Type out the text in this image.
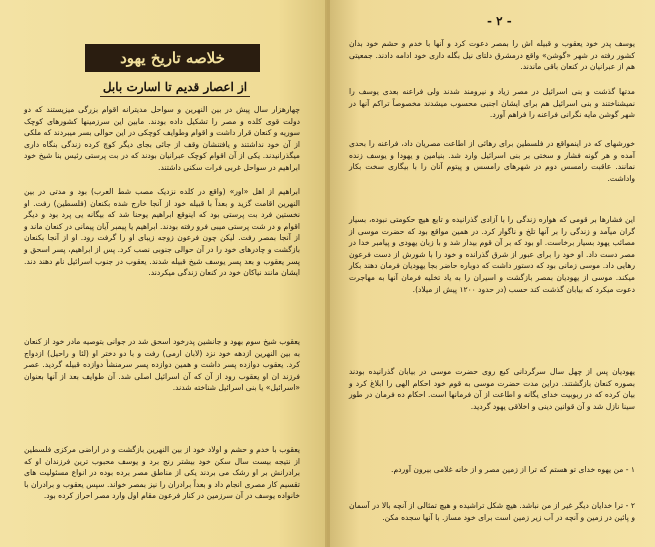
خلاصه تاریخ یهود
از اعصار قدیم تا اسارت بابل
چهارهزار سال پیش در بین النهرین و سواحل مدیترانه اقوام بزرگی میزیستند که دو دولت قوی کلده و مصر را تشکیل داده بودند. مابین این سرزمینها کشورهای کوچک سوریه و کنعان قرار داشت و اقوام وطوایف کوچکی در این حوالی بسر میبردند که ملکی از آن خود نداشتند و یافتنشان وقف از جائی بجای دیگر کوچ کرده زندگی بنگاه داری میگذرانیدند. یکی از آن اقوام کوچک عبرانیان بودند که در بت پرستی رئیس بنا شیخ خود ابراهیم در سواحل غربی فرات سکنی داشتند.
ابراهیم از اهل «اور» (واقع در کلده نزدیک مصب شط العرب) بود و مدتی در بین النهرین اقامت گزید و بعداً با قبیله خود از آنجا خارج شده بکنعان (فلسطین) رفت. او نخستین فرد بت پرستی بود که اینوقع ابراهیم یوحنا شد که بیگانه یی پرد بود و دیگر اقوام و در شت پرستی میبی فرو رفته بودند. ابراهیم یا پیمبر آیان پیمانی در کنعان ماند و از آنجا بمصر رفت. لیکن چون فرعون زوجه زیبای او را گرفت رود. او از آنجا بکنعان بازگشت و چادرهای خود را در آن حوالی جنوبی نصب کرد. پس از ابراهیم، پسر اسحق و پسر یعقوب و بعد پسر یوسف شیخ قبیله شدند. یعقوب در جنوب اسرائیل نام دهند دند. ایشان مانند نیاکان خود در کنعان زندگی میکردند.
یعقوب شیخ سوم بهود و جانشین پدرخود اسحق شد در جوانی بتوصیه مادر خود از کنعان به بین النهرین ازدهه خود نزد (لابان ارمی) رفت و با دو دختر او (لئا و راحیل) ازدواج کرد. یعقوب دوازده پسر داشت و همین دوازده پسر سرمنشأ دوازده قبیله گردید. عصر فرزند ان او یعقوب رود از آن که آن اسرائیل اصلی شد. آن طوایف بعد از آنها بعنوان «اسرائیل» یا بنی اسرائیل شناخته شدند.
یعقوب با خدم و حشم و اولاد خود از بین النهرین بازگشت و در اراضی مرکزی فلسطین از نتیجه بیست سال سکن خود بیشتر رنج برد و یوسف محبوب ترین فرزندان او که برادرانش بر او رشک می بردند یکی از مناطق مصر برده بوده در انواع مسئولیت های تقسیم کار مصری انجام داد و بعداً برادران را نیز بمصر خواند. سپس یعقوب و برادران با خانواده یوسف در آن سرزمین در کنار فرعون مقام اول وارد مصر احراز کرده بود.
- ۲ -
یوسف پدر خود یعقوب و قبیله اش را بمصر دعوت کرد و آنها با خدم و حشم خود بدان کشور رفته در شهر «گوشن» واقع درمشرق دلتای نیل بگله داری خود ادامه دادند. جمعیتی هم از عبرانیان در کنعان باقی ماندند.
مدتها گذشت و بنی اسرائیل در مصر زیاد و نیرومند شدند ولی فراعنه بعدی یوسف را نمیشناختند و بنی اسرائیل هم برای ایشان اجنبی محسوب میشدند مخصوصاً تراکم آنها در شهر گوشن مایه نگرانی فراعنه را فراهم آورد.
خورشهای که در اینمواقع در فلسطین برای رهائی از اطاعت مصریان داد، فراعنه را بحدی آمده و هر گونه فشار و سختی بر بنی اسرائیل وارد شد. بنیامین و یهودا و یوسف زنده نمانند. عاقبت رامسس دوم در شهرهای رامسس و پیتوم آنان را با بیگاری سخت بکار واداشت.
این فشارها بر قومی که هواره زندگی را با آزادی گذرانیده و تابع هیچ حکومتی نبوده، بسیار گران میآمد و زندگی را بر آنها تلخ و ناگوار کرد. در همین مواقع بود که حضرت موسی از مصائب یهود بسیار برخاست. او بود که بر آن قوم بیدار شد و با زبان یهودی و پیامبر خدا در مصر دست داد. او خود را برای عبور از شرق گذرانده و خود را با شورش از دست فرعون رهایی داد. موسی زمانی بود که دستور داشت که دوباره حاضر بجا یهودیان فرمان دهند بکار میکند. موسی از یهودیان بمصر بازگشت و اسیران را به یاد تخلیه فرمان آنها به مهاجرت دعوت میکرد که بیابان گذشت کند حسب (در حدود ۱۲۰۰ پیش از میلاد).
یهودیان پس از چهل سال سرگردانی کبع روی حضرت موسی در بیابان گذرانیده بودند بصوره کنعان بازگشتند. دراین مدت حضرت موسی به قوم خود احکام الهی را ابلاغ کرد و بیان کرده که در ربوبیت خدای یگانه و اطاعت از آن فرمانها است. احکام ده فرمان در طور سینا نازل شد و آن قوانین دینی و اخلاقی یهود گردید.
۱ - من یهوه خدای تو هستم که ترا از زمین مصر و از خانه غلامی بیرون آوردم.
۲ - ترا خدایان دیگر غیر از من نباشد. هیچ شکل تراشیده و هیچ تمثالی از آنچه بالا در آسمان و پائین در زمین و آنچه در آب زیر زمین است برای خود مساز. با آنها سجده مکن.
